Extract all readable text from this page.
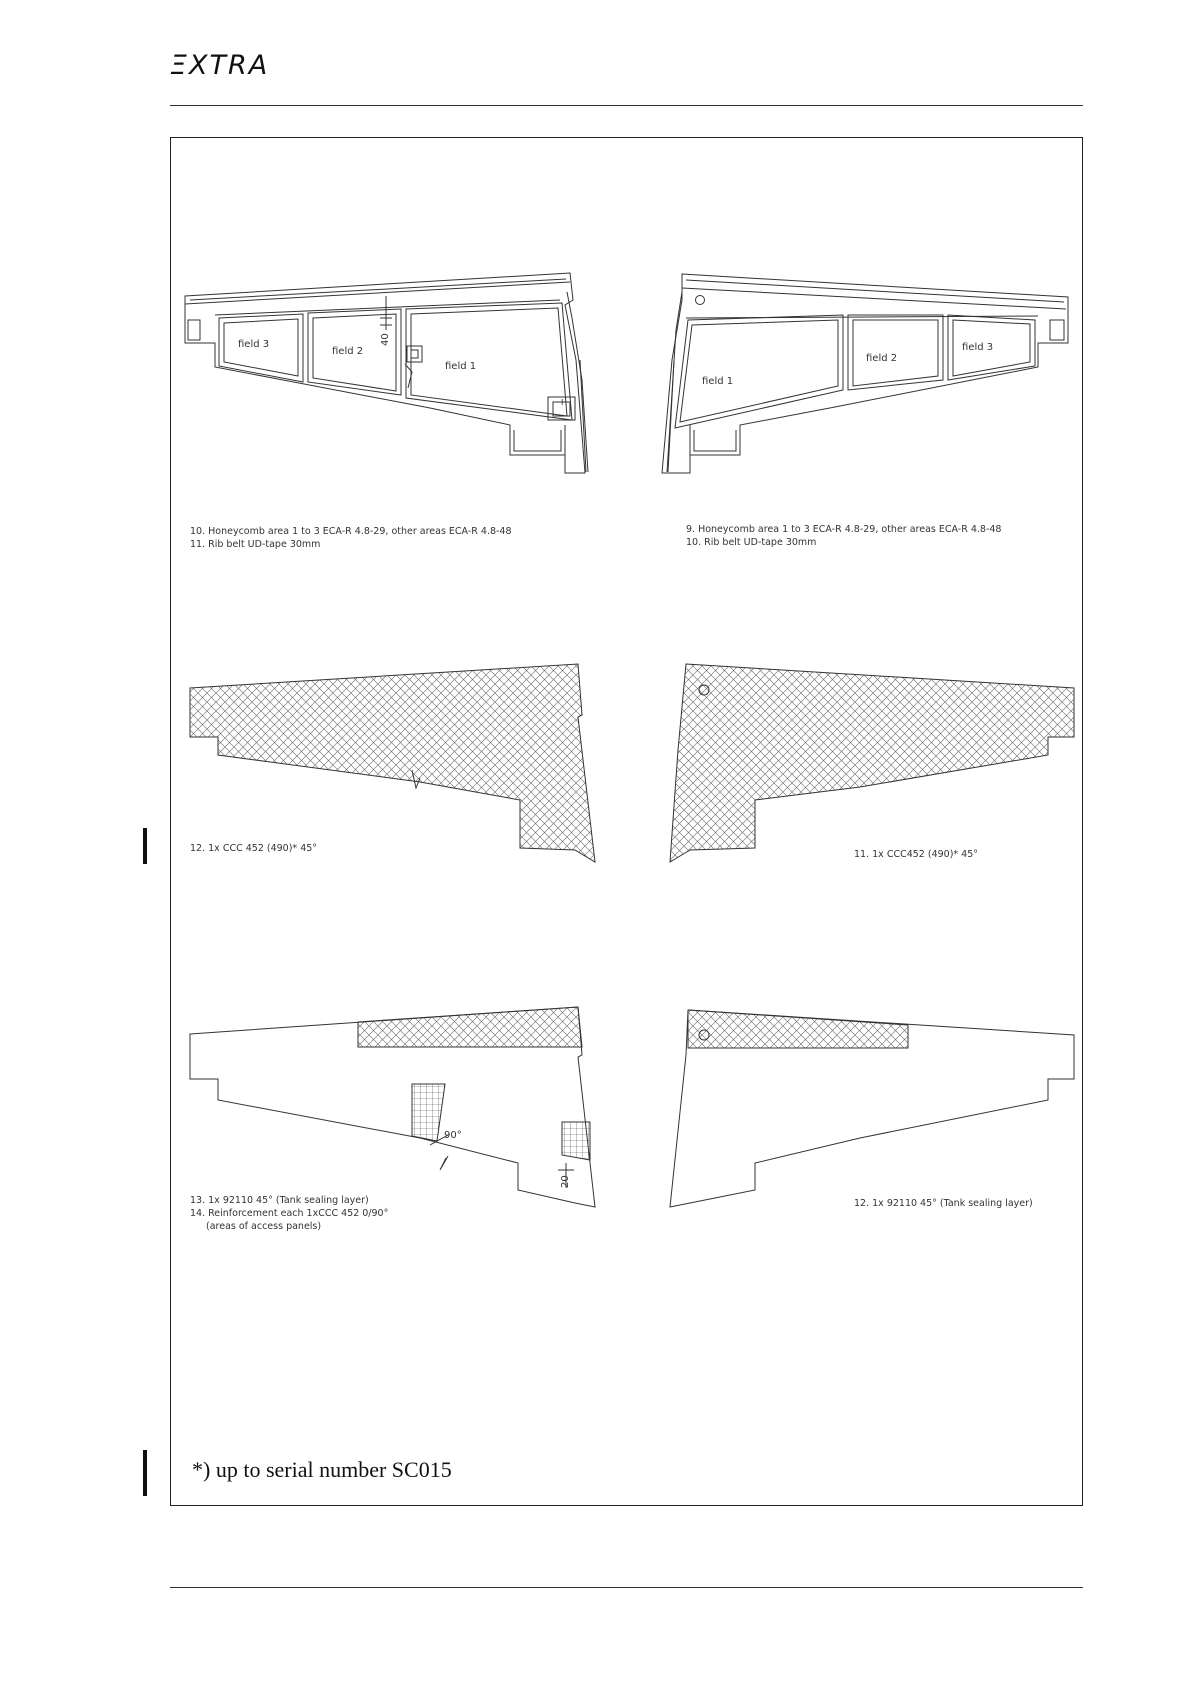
ΞXTRA
field 3
field 2
field 1
40
+
field 1
field 2
field 3
10. Honeycomb area 1 to 3 ECA-R 4.8-29, other areas ECA-R 4.8-48
11. Rib belt UD-tape 30mm
9. Honeycomb area 1 to 3 ECA-R 4.8-29, other areas ECA-R 4.8-48
10. Rib belt UD-tape 30mm
12. 1x CCC 452 (490)* 45°
11. 1x CCC452 (490)* 45°
90°
20
13. 1x 92110 45° (Tank sealing layer)
14. Reinforcement each 1xCCC 452 0/90°
(areas of access panels)
12. 1x 92110 45° (Tank sealing layer)
*) up to serial number SC015
